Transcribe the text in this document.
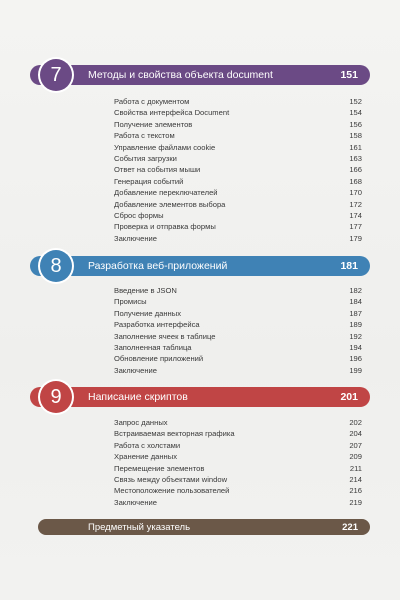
Методы и свойства объекта document	151
7
Работа с документом	152
Свойства интерфейса Document	154
Получение элементов	156
Работа с текстом	158
Управление файлами cookie	161
События загрузки	163
Ответ на события мыши	166
Генерация событий	168
Добавление переключателей	170
Добавление элементов выбора	172
Сброс формы	174
Проверка и отправка формы	177
Заключение	179
Разработка веб-приложений	181
8
Введение в JSON	182
Промисы	184
Получение данных	187
Разработка интерфейса	189
Заполнение ячеек в таблице	192
Заполненная таблица	194
Обновление приложений	196
Заключение	199
Написание скриптов	201
9
Запрос данных	202
Встраиваемая векторная графика	204
Работа с холстами	207
Хранение данных	209
Перемещение элементов	211
Связь между объектами window	214
Местоположение пользователей	216
Заключение	219
Предметный указатель	221
